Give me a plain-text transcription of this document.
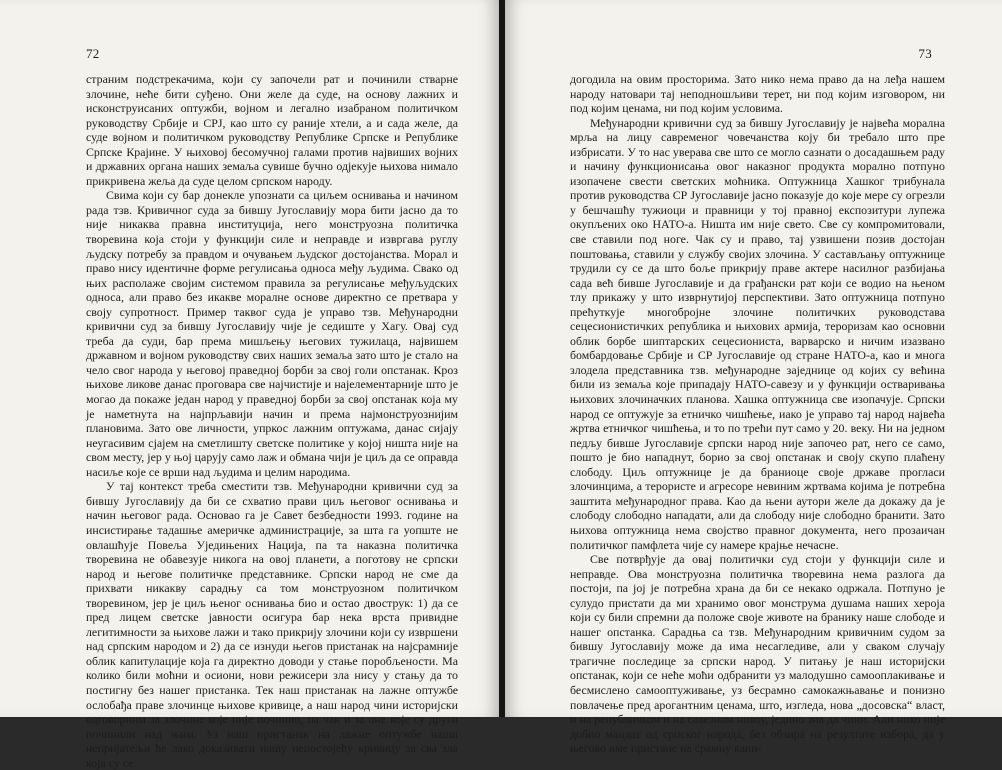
72

страним подстрекачима, који су започели рат и починили стварне злочине, неће бити суђено. Они желе да суде, на основу лажних и исконструисаних оптужби, војном и легално изабраном политичком руководству Србије и СРЈ, као што су раније хтели, а и сада желе, да суде војном и политичком руководству Републике Српске и Републике Српске Крајине. У њиховој бесомучној галами против највиших војних и државних органа наших земаља сувише бучно одјекује њихова нимало прикривена жеља да суде целом српском народу.

Свима који су бар донекле упознати са циљем оснивања и начином рада тзв. Кривичног суда за бившу Југославију мора бити јасно да то није никаква правна институција, него монструозна политичка творевина која стоји у функцији силе и неправде и извргава руглу људску потребу за правдом и очувањем људског достојанства. Морал и право нису идентичне форме регулисања односа међу људима. Свако од њих располаже својим системом правила за регулисање међуљудских односа, али право без икакве моралне основе директно се претвара у своју супротност. Пример таквог суда је управо тзв. Међународни кривични суд за бившу Југославију чије је седиште у Хагу. Овај суд треба да суди, бар према мишљењу његових тужилаца, највишем државном и војном руководству свих наших земаља зато што је стало на чело свог народа у његовој праведној борби за свој голи опстанак. Кроз њихове ликове данас проговара све најчистије и најелементарније што је могао да покаже један народ у праведној борби за свој опстанак која му је наметнута на најпрљавији начин и према најмонструознијим плановима. Зато ове личности, упркос лажним оптужама, данас сијају неугасивим сјајем на сметлишту светске политике у којој ништа није на свом месту, јер у њој царују само лаж и обмана чији је циљ да се оправда насиље које се врши над људима и целим народима.

У тај контекст треба сместити тзв. Међународни кривични суд за бившу Југославију да би се схватио прави циљ његовог оснивања и начин његовог рада. Основао га је Савет безбедности 1993. године на инсистирање тадашње америчке администрације, за шта га уопште не овлашћује Повеља Уједињених Нација, па та наказна политичка творевина не обавезује никога на овој планети, а поготову не српски народ и његове политичке представнике. Српски народ не сме да прихвати никакву сарадњу са том монструозном политичком творевином, јер је циљ њеног оснивања био и остао двострук: 1) да се пред лицем светске јавности осигура бар нека врста привидне легитимности за њихове лажи и тако прикрију злочини који су извршени над српским народом и 2) да се изнуди његов пристанак на најсрамније облик капитулације која га директно доводи у стање поробљености. Ма колико били моћни и осиони, нови режисери зла нису у стању да то постигну без нашег пристанка. Тек наш пристанак на лажне оптужбе ослобађа праве злочинце њихове кривице, а наш народ чини историјски одговорним за злочине које није починио, па чак и за оне које су други починили над њим. Уз наш пристанак на лажне оптужбе наши непријатељи ће лако доказивати нашу непостојећу кривицу за сва зла која су се

73

догодила на овим просторима. Зато нико нема право да на леђа нашем народу натовари тај неподношљиви терет, ни под којим изговором, ни под којим ценама, ни под којим условима.

Међународни кривични суд за бившу Југославију је највећа морална мрља на лицу савременог човечанства коју би требало што пре избрисати. У то нас уверава све што се могло сазнати о досадашњем раду и начину функционисања овог наказног продукта морално потпуно изопачене свести светских моћника. Оптужница Хашког трибунала против руководства СР Југославије јасно показује до које мере су огрезли у бешчашћу тужиоци и правници у тој правној експозитури лупежа окупљених око НАТО-а. Ништа им није свето. Све су компромитовали, све ставили под ноге. Чак су и право, тај узвишени позив достојан поштовања, ставили у службу својих злочина. У састављању оптужнице трудили су се да што боље прикрију праве актере насилног разбијања сада већ бивше Југославије и да грађански рат који се водио на њеном тлу прикажу у што изврнутијој перспективи. Зато оптужница потпуно прећуткује многобројне злочине политичких руководстава сецесионистичких република и њихових армија, тероризам као основни облик борбе шиптарских сецесиониста, варварско и ничим изазвано бомбардовање Србије и СР Југославије од стране НАТО-а, као и многа злодела представника тзв. међународне заједнице од којих су већина били из земаља које припадају НАТО-савезу и у функцији остваривања њихових злочиначких планова. Хашка оптужница све изопачује. Српски народ се оптужује за етничко чишћење, иако је управо тај народ највећа жртва етничког чишћења, и то по трећи пут само у 20. веку. Ни на једном педљу бивше Југославије српски народ није започео рат, него се само, пошто је био нападнут, борио за свој опстанак и своју скупо плаћену слободу. Циљ оптужнице је да браниоце своје државе прогласи злочинцима, а терористе и агресоре невиним жртвама којима је потребна заштита међународног права. Као да њени аутори желе да докажу да је слободу слободно нападати, али да слободу није слободно бранити. Зато њихова оптужница нема својство правног документа, него прозаичан политичког памфлета чије су намере крајње нечасне.

Све потврђује да овај политички суд стоји у функцији силе и неправде. Ова монструозна политичка творевина нема разлога да постоји, па јој је потребна храна да би се некако одржала. Потпуно је сулудо пристати да ми хранимо овог монструма душама наших хероја који су били спремни да положе своје животе на бранику наше слободе и нашег опстанка. Сарадња са тзв. Међународним кривичним судом за бившу Југославију може да има несагледиве, али у сваком случају трагичне последице за српски народ. У питању је наш историјски опстанак, који се неће моћи одбранити уз малодушно самооплакивање и бесмислено самооптуживање, уз бесрамно самокажњавање и понизно повлачење пред арогантним ценама, што, изгледа, нова „досовска“ власт, и на републичком и на савезном нивоу, једино зна да чини. Али нико није добио мандат од српског народа, без обзира на резултате избора, да у његово име пристане на срамну капи-
